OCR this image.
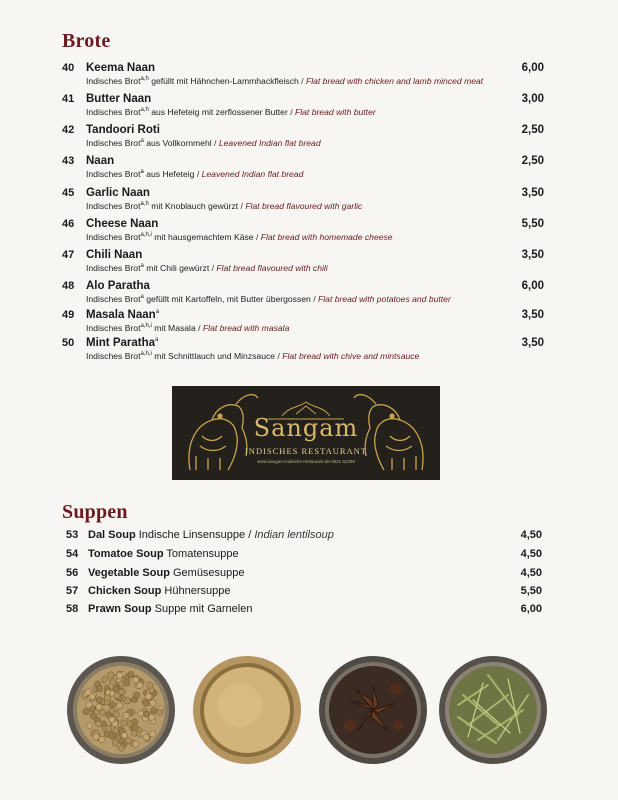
Brote
40	Keema Naan	6,00
Indisches Brot$^{a,h}$ gefüllt mit Hähnchen-Lammhackfleisch / Flat bread with chicken and lamb minced meat
41	Butter Naan	3,00
Indisches Brot$^{a,h}$ aus Hefeteig mit zerflossener Butter / Flat bread with butter
42	Tandoori Roti	2,50
Indisches Brot$^a$ aus Vollkornmehl / Leavened Indian flat bread
43	Naan	2,50
Indisches Brot$^a$ aus Hefeteig / Leavened Indian flat bread
45	Garlic Naan	3,50
Indisches Brot$^{a,h}$ mit Knoblauch gewürzt / Flat bread flavoured with garlic
46	Cheese Naan	5,50
Indisches Brot$^{a,h,i}$ mit hausgemachtem Käse / Flat bread with homemade cheese
47	Chili Naan	3,50
Indisches Brot$^a$ mit Chili gewürzt / Flat bread flavoured with chili
48	Alo Paratha	6,00
Indisches Brot$^a$ gefüllt mit Kartoffeln, mit Butter übergossen / Flat bread with potatoes and butter
49	Masala Naan$^a$	3,50
Indisches Brot$^{a,h,i}$ mit Masala / Flat bread with masala
50	Mint Paratha$^a$	3,50
Indisches Brot$^{a,h,i}$ mit Schnittlauch und Minzsauce / Flat bread with chive and mintsauce
Sangam
INDISCHES RESTAURANT
www.sangam-indische-restaurant.de 0621 62299
Suppen
53 Dal Soup Indische Linsensuppe / Indian lentilsoup	4,50
54 Tomatoe Soup Tomatensuppe	4,50
56 Vegetable Soup Gemüsesuppe	4,50
57 Chicken Soup Hühnersuppe	5,50
58 Prawn Soup Suppe mit Garnelen	6,00
